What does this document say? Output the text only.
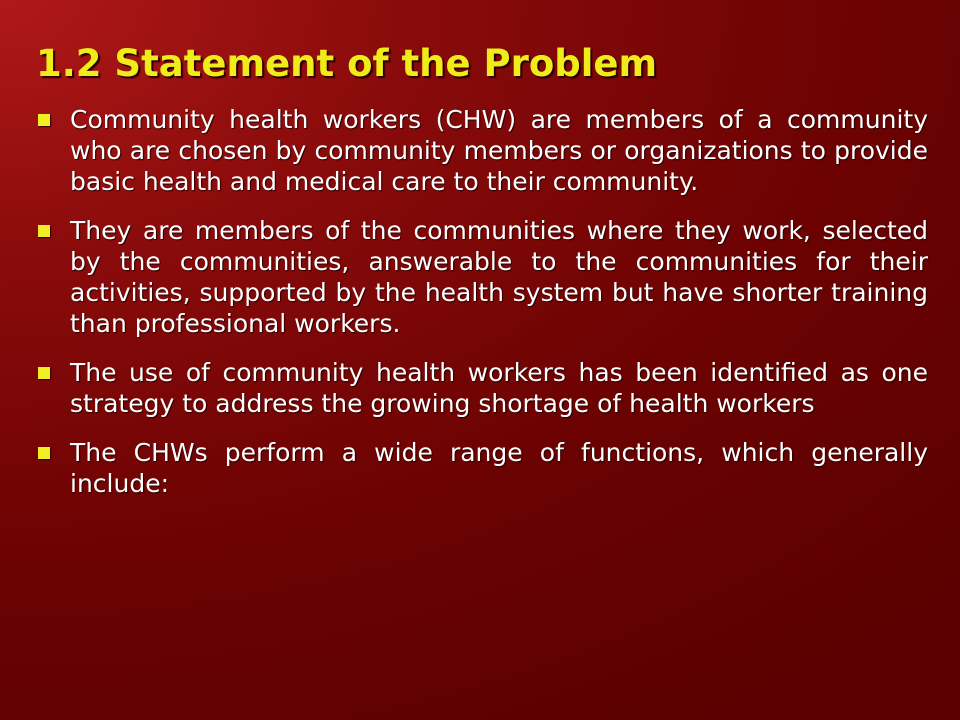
1.2 Statement of the Problem
Community health workers (CHW) are members of a community who are chosen by community members or organizations to provide basic health and medical care to their community.
They are members of the communities where they work, selected by the communities, answerable to the communities for their activities, supported by the health system but have shorter training than professional workers.
The use of community health workers has been identified as one strategy to address the growing shortage of health workers
The CHWs perform a wide range of functions, which generally include:
